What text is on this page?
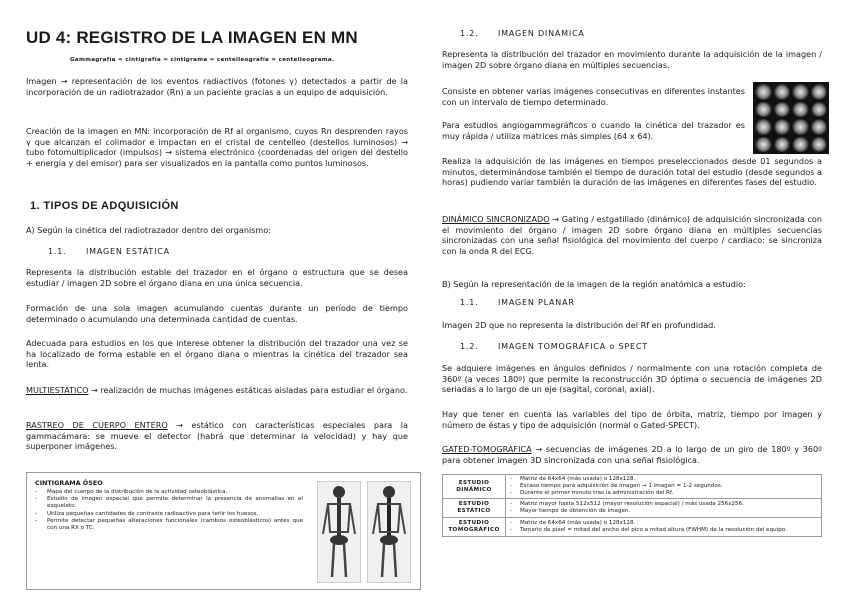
UD 4: REGISTRO DE LA IMAGEN EN MN
Gammagrafía = cintigrafía = cintigrama = centelleografía = centelleograma.

Imagen → representación de los eventos radiactivos (fotones γ) detectados a partir de la incorporación de un radiotrazador (Rn) a un paciente gracias a un equipo de adquisición.

Creación de la imagen en MN: incorporación de Rf al organismo, cuyos Rn desprenden rayos γ que alcanzan el colimador e impactan en el cristal de centelleo (destellos luminosos) → tubo fotomultiplicador (impulsos) → sistema electrónico (coordenadas del origen del destello + energía y del emisor) para ser visualizados en la pantalla como puntos luminosos.

1. TIPOS DE ADQUISICIÓN

A) Según la cinética del radiotrazador dentro del organismo:

1.1. IMAGEN ESTÁTICA

Representa la distribución estable del trazador en el órgano o estructura que se desea estudiar / imagen 2D sobre el órgano diana en una única secuencia.

Formación de una sola imagen acumulando cuentas durante un período de tiempo determinado o acumulando una determinada cantidad de cuentas.

Adecuada para estudios en los que interese obtener la distribución del trazador una vez se ha localizado de forma estable en el órgano diana o mientras la cinética del trazador sea lenta.

MULTIESTÁTICO → realización de muchas imágenes estáticas aisladas para estudiar el órgano.

RASTREO DE CUERPO ENTERO → estático con características especiales para la gammacámara: se mueve el detector (habrá que determinar la velocidad) y hay que superponer imágenes.

CINTIGRAMA ÓSEO
- Mapa del cuerpo de la distribución de la actividad osteoblástica.
- Estudio de imagen especial que permite determinar la presencia de anomalías en el esqueleto.
- Utiliza pequeñas cantidades de contraste radioactivo para teñir los huesos.
- Permite detectar pequeñas alteraciones funcionales (cambios osteoblásticos) antes que con una RX o TC.
1.2. IMAGEN DINÁMICA

Representa la distribución del trazador en movimiento durante la adquisición de la imagen / imagen 2D sobre órgano diana en múltiples secuencias.

Consiste en obtener varias imágenes consecutivas en diferentes instantes con un intervalo de tiempo determinado.

Para estudios angiogammagráficos o cuando la cinética del trazador es muy rápida / utiliza matrices más simples (64 x 64).

Realiza la adquisición de las imágenes en tiempos preseleccionados desde 01 segundos a minutos, determinándose también el tiempo de duración total del estudio (desde segundos a horas) pudiendo variar también la duración de las imágenes en diferentes fases del estudio.

DINÁMICO SINCRONIZADO → Gating / estgatillado (dinámico) de adquisición sincronizada con el movimiento del órgano / imagen 2D sobre órgano diana en múltiples secuencias sincronizadas con una señal fisiológica del movimiento del cuerpo / cardiaco: se sincroniza con la onda R del ECG.

B) Según la representación de la imagen de la región anatómica a estudio:

1.1. IMAGEN PLANAR

Imagen 2D que no representa la distribución del Rf en profundidad.

1.2. IMAGEN TOMOGRÁFICA o SPECT

Se adquiere imágenes en ángulos definidos / normalmente con una rotación completa de 360º (a veces 180º) que permite la reconstrucción 3D óptima o secuencia de imágenes 2D seriadas a lo largo de un eje (sagital, coronal, axial).

Hay que tener en cuenta las variables del tipo de órbita, matriz, tiempo por imagen y número de éstas y tipo de adquisición (normal o Gated-SPECT).

GATED-TOMOGRÁFICA → secuencias de imágenes 2D a lo largo de un giro de 180º y 360º para obtener imagen 3D sincronizada con una señal fisiológica.

ESTUDIO DINÁMICO	- Matriz de 64x64 (más usada) o 128x128.
- Escaso tiempo para adquisición de imagen → 1 imagen = 1-2 segundos.
- Durante el primer minuto tras la administración del Rf.

ESTUDIO ESTÁTICO	- Matriz mayor hasta 512x512 (mayor resolución espacial) / más usada 256x256.
- Mayor tiempo de obtención de imagen.

ESTUDIO TOMOGRÁFICO	- Matriz de 64x64 (más usada) o 128x128.
- Tamaño de píxel = mitad del ancho del pico a mitad altura (FWHM) de la resolución del equipo.
